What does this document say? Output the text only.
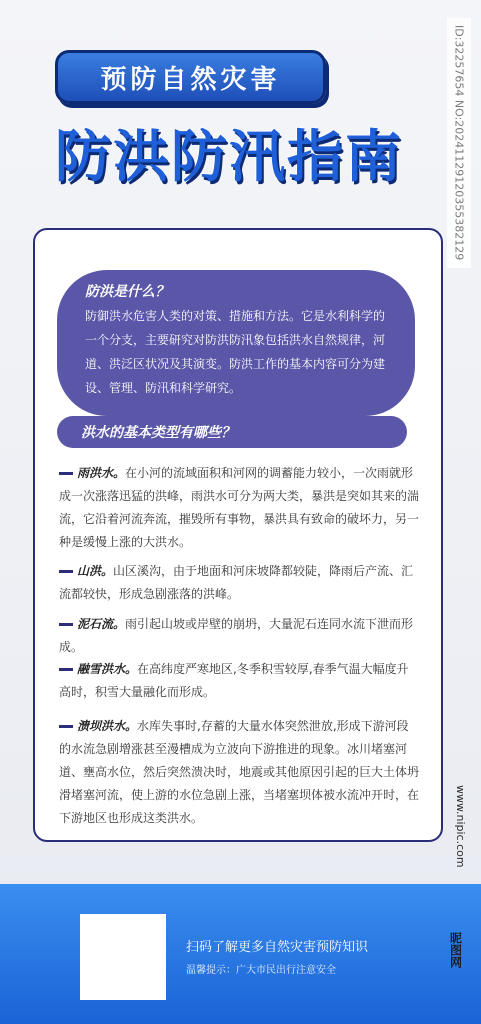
ID:32257654 NO:20241129120355382129
预防自然灾害
防洪防汛指南
防洪是什么？
防御洪水危害人类的对策、措施和方法。它是水利科学的一个分支，主要研究对防洪防汛象包括洪水自然规律，河道、洪泛区状况及其演变。防洪工作的基本内容可分为建设、管理、防汛和科学研究。
洪水的基本类型有哪些？
雨洪水。在小河的流域面积和河网的调蓄能力较小，一次雨就形成一次涨落迅猛的洪峰，雨洪水可分为两大类，暴洪是突如其来的湍流，它沿着河流奔流，摧毁所有事物，暴洪具有致命的破坏力，另一种是缓慢上涨的大洪水。
山洪。山区溪沟，由于地面和河床坡降都较陡，降雨后产流、汇流都较快，形成急剧涨落的洪峰。
泥石流。雨引起山坡或岸壁的崩坍，大量泥石连同水流下泄而形成。
融雪洪水。在高纬度严寒地区,冬季积雪较厚,春季气温大幅度升高时，积雪大量融化而形成。
溃坝洪水。水库失事时,存蓄的大量水体突然泄放,形成下游河段的水流急剧增涨甚至漫槽成为立波向下游推进的现象。冰川堵塞河道、壅高水位，然后突然溃决时，地震或其他原因引起的巨大土体坍滑堵塞河流，使上游的水位急剧上涨，当堵塞坝体被水流冲开时，在下游地区也形成这类洪水。	www.nipic.com
扫码了解更多自然灾害预防知识
温馨提示：广大市民出行注意安全
昵图网
